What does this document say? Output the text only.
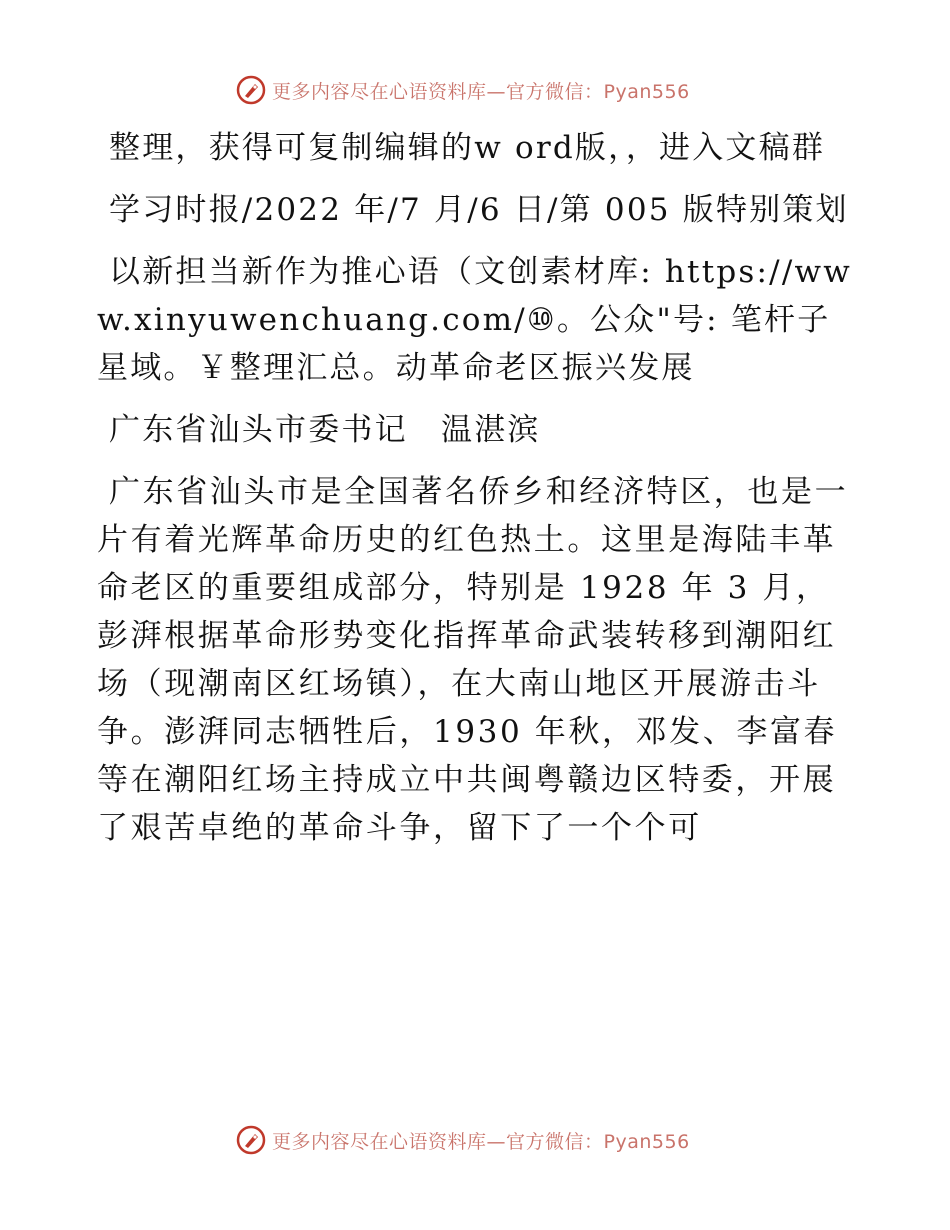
更多内容尽在心语资料库—官方微信：Pyan556

整理，获得可复制编辑的w ord版，，进入文稿群

学习时报/2022 年/7 月/6 日/第 005 版特别策划

以新担当新作为推心语（文创素材库: https://www.xinyuwenchuang.com/⑩。公众"号: 笔杆子星域。￥整理汇总。动革命老区振兴发展

广东省汕头市委书记　温湛滨

广东省汕头市是全国著名侨乡和经济特区，也是一片有着光辉革命历史的红色热土。这里是海陆丰革命老区的重要组成部分，特别是 1928 年 3 月，彭湃根据革命形势变化指挥革命武装转移到潮阳红场（现潮南区红场镇），在大南山地区开展游击斗争。澎湃同志牺牲后，1930 年秋，邓发、李富春等在潮阳红场主持成立中共闽粤赣边区特委，开展了艰苦卓绝的革命斗争，留下了一个个可

更多内容尽在心语资料库—官方微信：Pyan556
